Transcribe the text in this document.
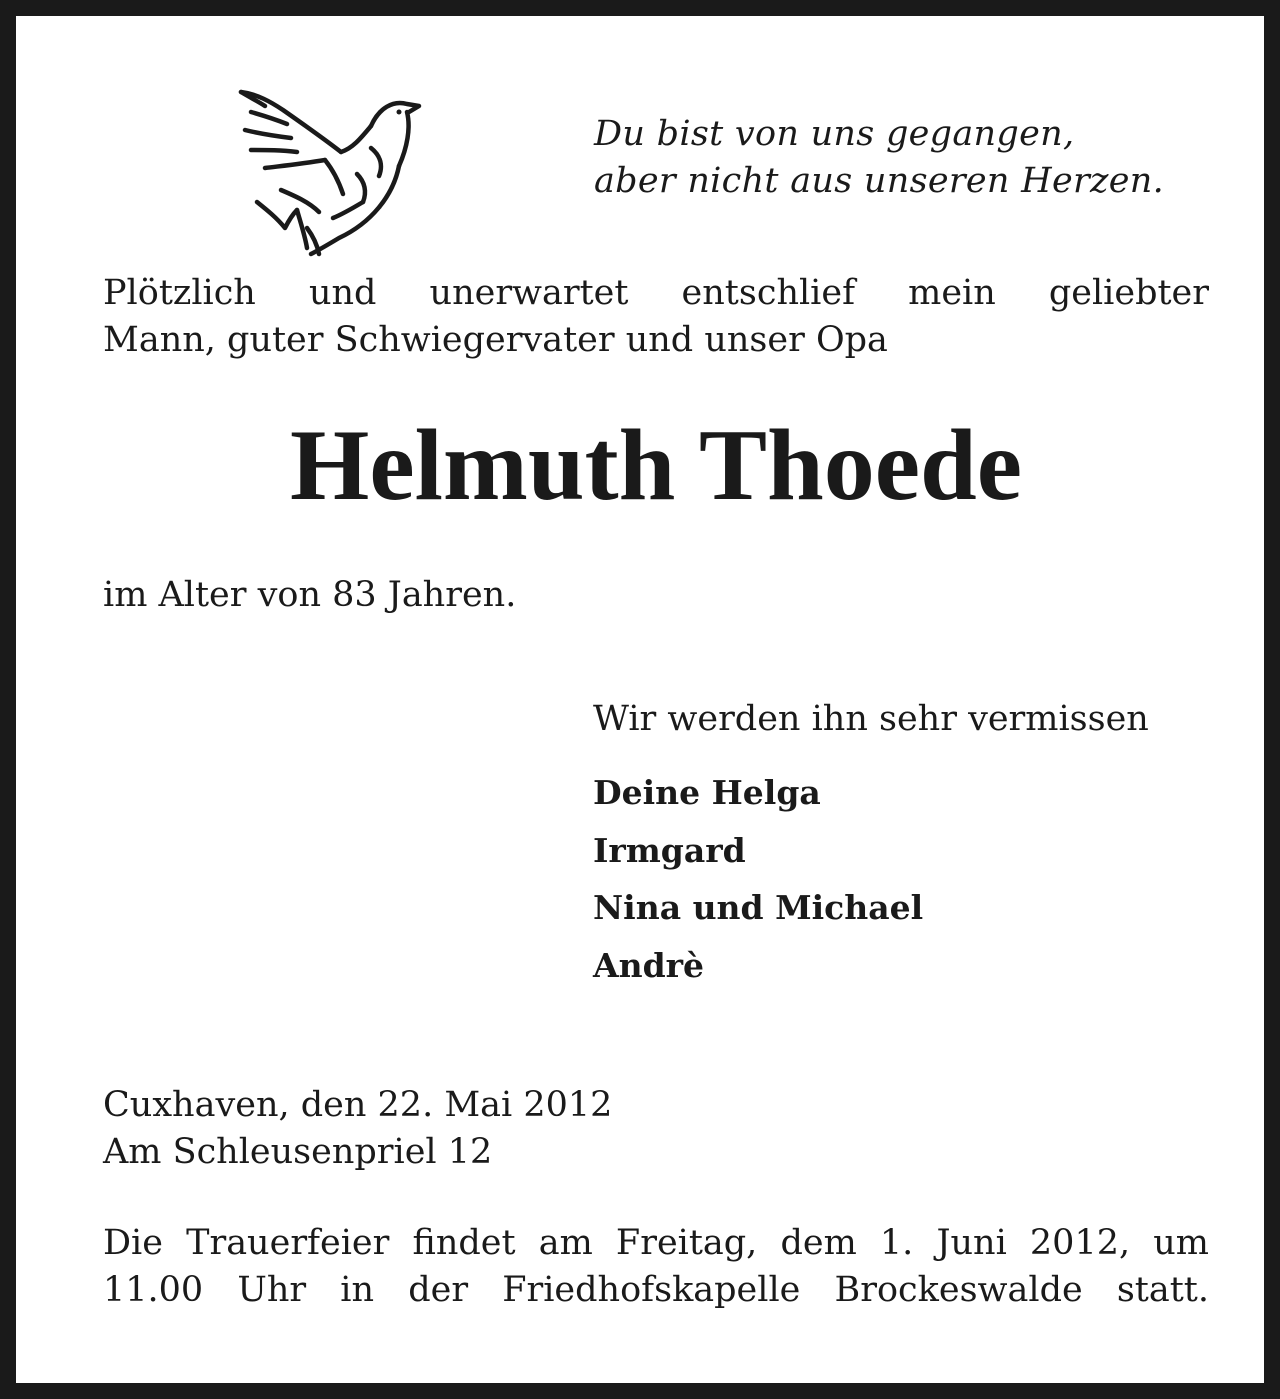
Du bist von uns gegangen,
aber nicht aus unseren Herzen.
Plötzlich und unerwartet entschlief mein geliebter
Mann, guter Schwiegervater und unser Opa
Helmuth Thoede
im Alter von 83 Jahren.
Wir werden ihn sehr vermissen
Deine Helga
Irmgard
Nina und Michael
Andrè
Cuxhaven, den 22. Mai 2012
Am Schleusenpriel 12
Die Trauerfeier findet am Freitag, dem 1. Juni 2012, um
11.00 Uhr in der Friedhofskapelle Brockeswalde statt.
